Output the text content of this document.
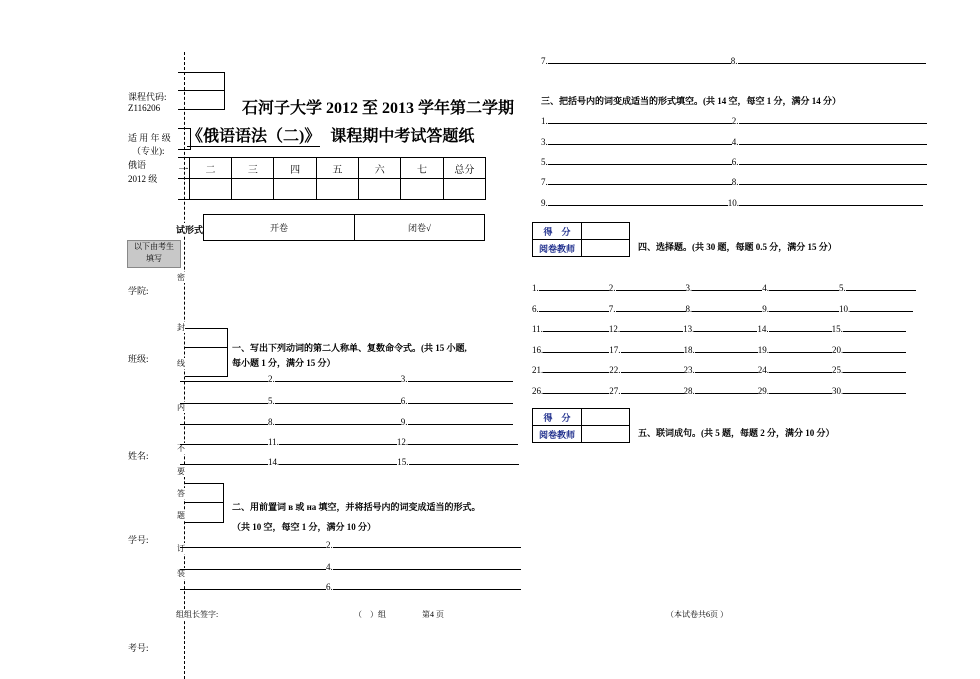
课程代码:
Z116206
适 用 年 级
（专业):
俄语
2012 级
密
封
线
内
不
要
答
题
订
装
以下由考生
填写
学院:
班级:
姓名:
学号:
考号:
石河子大学 2012 至 2013 学年第二学期
《俄语语法（二)》 课程期中考试答题纸
一	二	三	四	五	六	七	总分

试形式	开卷	闭卷√
一、写出下列动词的第二人称单、复数命令式。(共 15 小题,
每小题 1 分，满分 15 分）
2.	3.
5.	6.
8.	9.
11.	12.
14.	15.
二、用前置词 в 或 на 填空，并将括号内的词变成适当的形式。
（共 10 空，每空 1 分，满分 10 分）
2.
4.
6.
组组长签字:	（　）组	第4 页	（本试卷共6页 ）
7.	8.
三、把括号内的词变成适当的形式填空。(共 14 空，每空 1 分，满分 14 分）
1.	2.
3.	4.
5.	6.
7.	8.
9.	10.
得　分	
阅卷教师		四、选择题。(共 30 题，每题 0.5 分，满分 15 分）
1.	2.	3.	4.	5.
6.	7.	8.	9.	10.
11.	12.	13.	14.	15.
16.	17.	18.	19.	20.
21.	22.	23.	24.	25.
26.	27.	28.	29.	30.
得　分	
阅卷教师		五、联词成句。(共 5 题，每题 2 分，满分 10 分）
